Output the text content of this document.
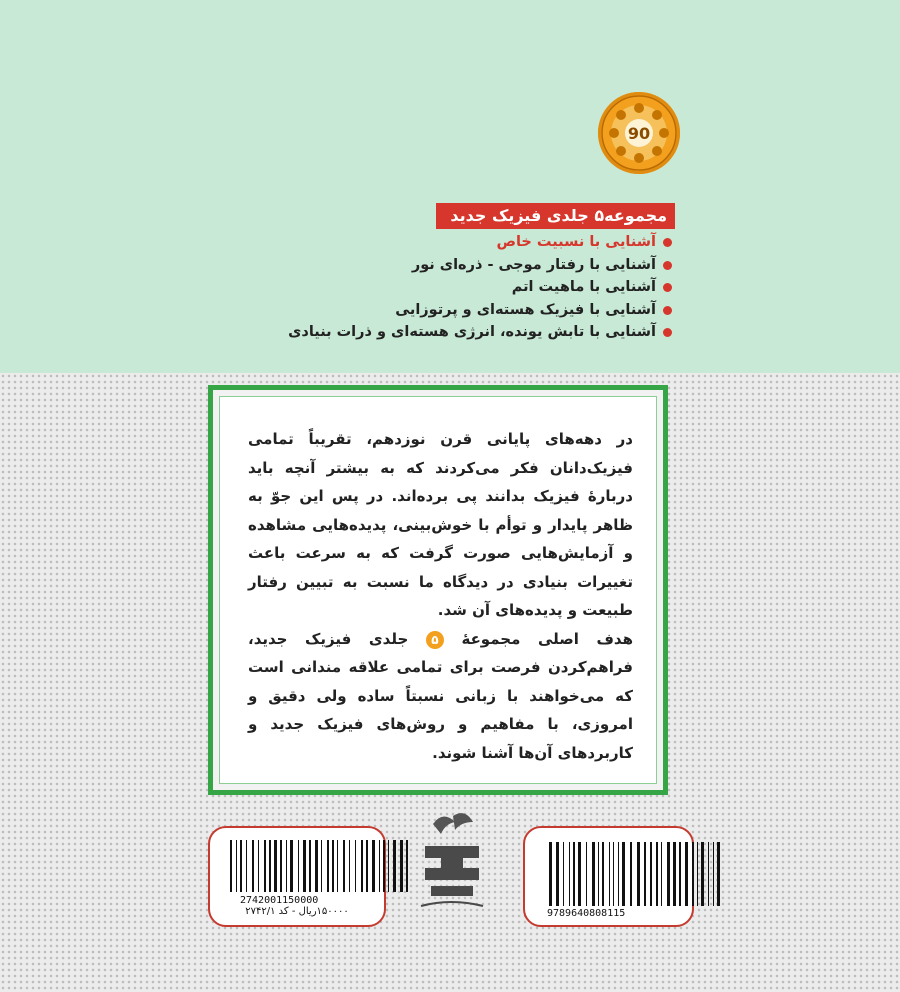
90
مجموعه۵ جلدی فیزیک جدید
آشنایی با نسبیت خاص
آشنایی با رفتار موجی - ذره‌ای نور
آشنایی با ماهیت اتم
آشنایی با فیزیک هسته‌ای و پرتوزایی
آشنایی با تابش یونده، انرژی هسته‌ای و ذرات بنیادی

در دهه‌های پایانی قرن نوزدهم، تقریباً تمامی فیزیک‌دانان فکر می‌کردند که به بیشتر آنچه باید دربارهٔ فیزیک بدانند پی برده‌اند. در پس این جوّ به ظاهر پایدار و توأم با خوش‌بینی، پدیده‌هایی مشاهده و آزمایش‌هایی صورت گرفت که به سرعت باعث تغییرات بنیادی در دیدگاه ما نسبت به تبیین رفتار طبیعت و پدیده‌های آن شد.
هدف اصلی مجموعهٔ ۵ جلدی فیزیک جدید، فراهم‌کردن فرصت برای تمامی علاقه مندانی است که می‌خواهند با زبانی نسبتاً ساده ولی دقیق و امروزی، با مفاهیم و روش‌های فیزیک جدید و کاربردهای آن‌ها آشنا شوند.

2742001150000
۱۵۰۰۰۰ریال - کد ۲۷۴۲/۱	9789640808115
